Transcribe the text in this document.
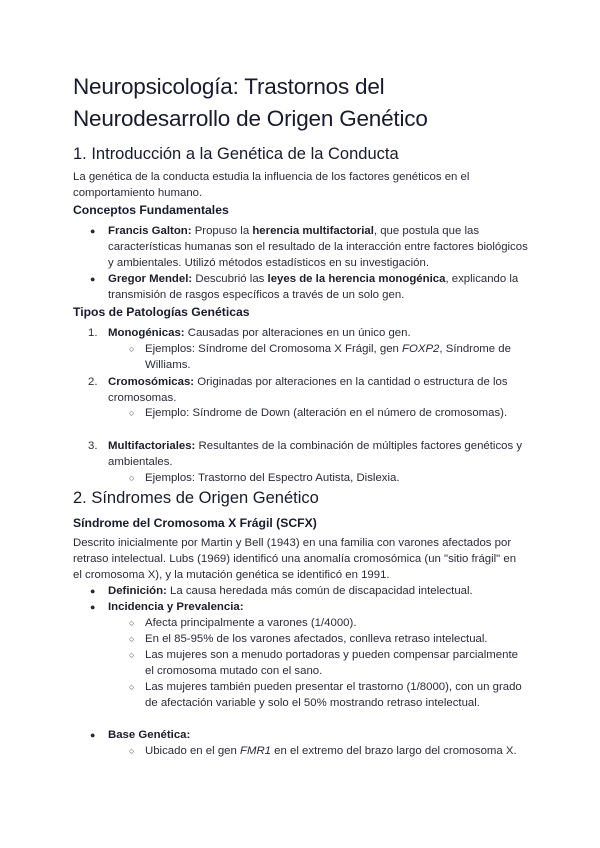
Neuropsicología: Trastornos del Neurodesarrollo de Origen Genético
1. Introducción a la Genética de la Conducta

La genética de la conducta estudia la influencia de los factores genéticos en el comportamiento humano.

Conceptos Fundamentales
● Francis Galton: Propuso la herencia multifactorial, que postula que las características humanas son el resultado de la interacción entre factores biológicos y ambientales. Utilizó métodos estadísticos en su investigación.
● Gregor Mendel: Descubrió las leyes de la herencia monogénica, explicando la transmisión de rasgos específicos a través de un solo gen.
Tipos de Patologías Genéticas
1. Monogénicas: Causadas por alteraciones en un único gen.
○ Ejemplos: Síndrome del Cromosoma X Frágil, gen FOXP2, Síndrome de Williams.
2. Cromosómicas: Originadas por alteraciones en la cantidad o estructura de los cromosomas.
○ Ejemplo: Síndrome de Down (alteración en el número de cromosomas).
3. Multifactoriales: Resultantes de la combinación de múltiples factores genéticos y ambientales.
○ Ejemplos: Trastorno del Espectro Autista, Dislexia.
2. Síndromes de Origen Genético
Síndrome del Cromosoma X Frágil (SCFX)

Descrito inicialmente por Martin y Bell (1943) en una familia con varones afectados por retraso intelectual. Lubs (1969) identificó una anomalía cromosómica (un "sitio frágil" en el cromosoma X), y la mutación genética se identificó en 1991.

● Definición: La causa heredada más común de discapacidad intelectual.
● Incidencia y Prevalencia:
○ Afecta principalmente a varones (1/4000).
○ En el 85-95% de los varones afectados, conlleva retraso intelectual.
○ Las mujeres son a menudo portadoras y pueden compensar parcialmente el cromosoma mutado con el sano.
○ Las mujeres también pueden presentar el trastorno (1/8000), con un grado de afectación variable y solo el 50% mostrando retraso intelectual.
● Base Genética:
○ Ubicado en el gen FMR1 en el extremo del brazo largo del cromosoma X.
